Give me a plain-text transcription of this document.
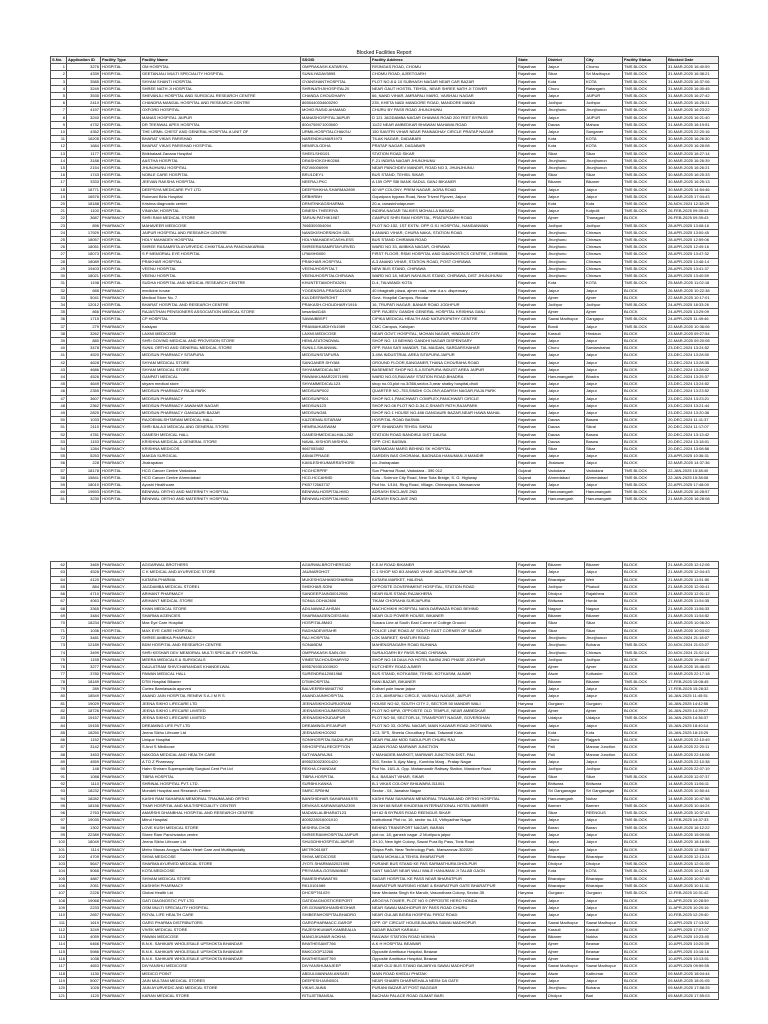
Blocked Facilities Report
S.No.	Application ID	Facility Type	Facility Name	SSOID	Facility Address	State	District	City	Facility Status	Blocked Date
1	3276	HOSPITAL	OM HOSPITAL	OMPRAKASH.KATARIYA	RISINGAS ROAD, CHOMU	Rajasthan	Jaipur	Chomu	TMS BLOCK	31-MAR-2025 16:40:59
2	4339	HOSPITAL	GEETANJALI MULTI SPECIALITY HOSPITAL	SUNILYADAV5895	CHOMU ROAD, AJEETGARH	Rajasthan	Sikar	Sri Madhopur	TMS BLOCK	31-MAR-2025 16:38:21
3	3585	HOSPITAL	SHYAM SHANTI HOSPITAL	GYANSHANTHOSPITAL	PLOT NO.8 & 10 SUBHASH NAGAR NEAR CAR BAZAR	Rajasthan	Kota	KOTA	TMS BLOCK	31-MAR-2025 16:37:06
4	3249	HOSPITAL	SHREE NATH JI HOSPITAL	SHRINATHJIHOSPITAL20	NEAR GAUT HOSTEL TEHSIL, NEAR SHREE NATH JI TOWER	Rajasthan	Churu	Ratangarh	TMS BLOCK	31-MAR-2025 16:30:45
5	3535	HOSPITAL	SHEVANJLI HOSPITAL AND SURGICAL RESEARCH CENTRE	CHANDA CHOUDHARY	66, NAND VIHAR, AMRAPALI MARG, VAISHALI NAGAR	Rajasthan	Jaipur	JAIPUR	TMS BLOCK	31-MAR-2025 16:27:42
6	2410	HOSPITAL	CHANDRA MANGAL HOSPITAL AND RESEARCH CENTRE	8655440034600290	235, KHETA NADI MANDORE ROAD, MANDORE MANDI	Rajasthan	Jodhpur	Jodhpur	TMS BLOCK	31-MAR-2025 16:25:21
7	4197	HOSPITAL	OXFORD HOSPITAL	MOHD.RASID.AHAMAD	CHURU BY PASS ROAD JHUNJHUNU	Rajasthan	Jhunjhunu	Jhunjhunun	TMS BLOCK	31-MAR-2025 16:23:22
8	3240	HOSPITAL	MANAS HOSPITAL JAIPUR	MANASHOSPITALJAIPUR	D 121 JAGDAMBA NAGAR DHAWAS ROAD 200 FEET BYPASS	Rajasthan	Jaipur	JAIPUR	TMS BLOCK	31-MAR-2025 16:21:40
9	4732	HOSPITAL	DR TEENWAL APEX HOSPITAL	8004755971003060	11/22 NEAR AMBEDKAR BHAWAN MAHAWA ROAD	Rajasthan	Dausa	Mahwa	TMS BLOCK	31-MAR-2025 16:19:51
10	4352	HOSPITAL	THE URMIL CHEST AND GENERAL HOSPITAL A UNIT OF	URMILHOSPITALCHAKSU	150 SAVITRI VIHAR NEAR PANNADHAY CIRCLE PRATAP NAGAR	Rajasthan	Jaipur	Sanganer	TMS BLOCK	30-MAR-2025 22:20:16
11	16205	HOSPITAL	BHARAT VIKAS PARISHAD	NARENDKUMAR1973	TILAK NAGAR, DADABARI	Rajasthan	Kota	KOTA	TMS BLOCK	30-MAR-2025 16:26:30
12	1684	HOSPITAL	BHARAT VIKAS PARISHAD HOSPITAL	NEMIRJLODHA	PRATAP NAGAR, DADABARI	Rajasthan	Kota	KOTA	TMS BLOCK	30-MAR-2025 16:28:08
13	1177	HOSPITAL	Bhikhalaali Zanana Hospital	SHEELSH0101	STATION ROAD SIKAR	Rajasthan	Sikar	Sikar	TMS BLOCK	30-MAR-2025 16:27:14
14	3188	HOSPITAL	AASTHA HOSPITAL	DRASHOKGHK0268	F-21 INDIRA NAGAR JHUNJHUNU	Rajasthan	Jhunjhunu	Jhunjhunun	TMS BLOCK	30-MAR-2025 16:26:39
15	2154	HOSPITAL	JHUNJHUNU HOSPITAL	RIZVI6006999	NEAR PANCHDEV MANDIR, ROAD NO 3, JHUNJHUNU	Rajasthan	Jhunjhunu	Jhunjhunun	TMS BLOCK	30-MAR-2025 16:26:21
16	1743	HOSPITAL	NOBLE CARE HOSPITAL	BRIJ1DEY1	BUS STAND, TEHSIL SIKAR	Rajasthan	Sikar	Sikar	TMS BLOCK	30-MAR-2025 16:25:33
17	3333	HOSPITAL	JEEVAN RAKSHA HOSPITAL	NEERAJ.PKC	A 159 OPP SBI BANK SADUL GANJ BIKANER	Rajasthan	Bikaner	Bikaner	TMS BLOCK	30-MAR-2025 16:25:13
18	18771	HOSPITAL	DEEPSIYA MEDICARE PVT LTD	DEEPSHIKHA.SHARMA2899	40 VIP COLONY, PREM NAGAR, AGRA ROAD	Rajasthan	Jaipur	Jaipur	TMS BLOCK	30-MAR-2025 14:54:46
19	16576	HOSPITAL	Rukmani Birla Hospital	DRBHRBH	Gopalpura bypass Road, Near Triveni Flyover, Jaipur	Rajasthan	Jaipur	Jaipur	TMS BLOCK	30-MAR-2025 17:04:43
20	18188	HOSPITAL	Krishna diagnostic center	DRNITINKAGSHARMA	20-a, ranasinhotapurom	Rajasthan	Kota	Kota	TMS BLOCK	26-NOV-2024 12:38:29
21	1100	HOSPITAL	VINAYAK HOSPITAL	DINESH.THEERIYA	INDIRA NAGAR TALKIES MOHALLA BASADI	Rajasthan	Jaipur	Kotputli	TMS BLOCK	26-FEB-2025 09:39:43
22	3687	PHARMACY	SHRI RAM MEDICAL STORE	TARUN.PATHIK1987	CAMPUS SHRI RAM HOSPITAL, PRATAPGARH ROAD	Rajasthan	Ajmer	Thanagazi	BLOCK	26-FEB-2025 09:39:43
23	896	PHARMACY	MAHAVEER MEDICOSE	7665309304094	PLOT NO.152, 1ST EXTN. OPP G.S.I HOSPITAL, NANDANWAN	Rajasthan	Jodhpur	Jodhpur	TMS BLOCK	28-APR-2025 13:08:16
24	17929	HOSPITAL	JAIPUR HOSPITAL AND RESEARCH CENTRE	NANDKISHORSINGH.GEL	6 ANAND VIHAR, CHURA NAKA, STATION ROAD	Rajasthan	Jhunjhunu	Chirawa	TMS BLOCK	28-APR-2025 13:00:45
25	18057	HOSPITAL	HOLY MAHADEV HOSPITAL	HOLYMAHADEVCASHLESS	BUS STAND CHIRAWA ROAD	Rajasthan	Jhunjhunu	Chirawa	TMS BLOCK	28-APR-2025 12:59:06
26	18051	HOSPITAL	SHREE RASAMRITA AYURVEDIC CHIKITSALAYA PANCHAKARMA	SHREERASAMRITAYURVED	WARD NO 33, AMBIKA NAGAR, CHIRAWA	Rajasthan	Jhunjhunu	Chirawa	TMS BLOCK	28-APR-2025 12:49:16
27	18073	HOSPITAL	S P MEMORIAL EYE HOSPITAL	LPAMIH0000	FIRST FLOOR, RSMI HOSPITAL AND DIAGNOSTICS CENTRE, CHIRAWA	Rajasthan	Jhunjhunu	Chirawa	TMS BLOCK	28-APR-2025 13:47:32
28	18089	HOSPITAL	PRAKHAR HOSPITAL	PRAKHAR.HOSPITAL	A-3 ANAND VIHAR, STATION ROAD, POST CHIRAWA	Rajasthan	Jhunjhunu	Chirawa	TMS BLOCK	28-APR-2025 13:46:14
29	19403	HOSPITAL	VEENU HOSPITAL	VEENUHOSPITAL7	NEW BUS STAND, CHIRAWA	Rajasthan	Jhunjhunu	Chirawa	TMS BLOCK	28-APR-2025 13:41:37
30	18021	HOSPITAL	VEENU HOSPITAL	VEENUHOSPITALCHIRAWA	WARD NO 18, NEAR NAYA BUS STAND, CHIRAWA, DIST JHUNJHUNU	Rajasthan	Jhunjhunu	Chirawa	TMS BLOCK	28-APR-2025 13:40:59
31	1198	HOSPITAL	SUDHA HOSPITAL AND MEDICAL RESEARCH CENTRE	KHUNTETAMOHTA3291	D-4, TALWANDI KOTA	Rajasthan	Kota	KOTA	TMS BLOCK	25-MAR-2025 11:02:18
32	685	PHARMACY	medicine house	YOGENDRA.PRASAD1978	40 bhagirath plaza, ajmer road, near d.a.v. dispensary	Rajasthan	Jaipur	Jaipur	BLOCK	26-MAR-2025 10:22:38
33	5041	PHARMACY	Medical Store No. 7	KULDEEPAVROHIT	Govt. Hospital Campus, Reodar	Rajasthan	Ajmer	Ajmer	BLOCK	22-MAR-2025 10:17:01
34	12012	HOSPITAL	BHARAT HOSPITAL AND RESEARCH CENTRE	PRAKASH.CHOUDHARY1916	16, TRUPATI NAGAR, BANAR ROAD JODHPUR	Rajasthan	Jodhpur	Jodhpur	TMS BLOCK	24-APR-2025 18:33:26
35	866	PHARMACY	RAJASTHAN PENSIONERS ASSOCIATION MEDICAL STORE	kesarilal4148	OPP. RAJEEV GANDHI GENERAL HOSPITAL KRISHNA GANJ	Rajasthan	Ajmer	Ajmer	BLOCK	24-APR-2025 13:29:09
36	1715	HOSPITAL	CP HOSPITAL	SAWAIBBSP7	CIPIKA MEDICAL HEALTH AND NATUROPATHY CENTRE	Rajasthan	Sawai Madhopur	Gangapur	TMS BLOCK	24-APR-2025 11:49:46
37	279	PHARMACY	Kalsiyan	PRAMIAHU8DHYA1989	CMC Campus, Kalsiyan	Rajasthan	Bundi	Jaipur	TMS BLOCK	22-MAR-2025 10:36:06
38	3262	PHARMACY	LAXMI MEDICOSE	LAXMI.MEDICOSE	NEAR GOVT. HOSPITAL, MOHAN NAGAR, HINDAUN CITY	Rajasthan	Karauli	Hindaun	BLOCK	23-MAR-2025 09:27:54
39	880	PHARMACY	SHRI GOVIND MEDICAL AND PROVISION STORE	HEMLATATONDWAL	SHOP NO. 10 BEHIND GANDHI NAGAR DISPENSARY	Rajasthan	Jaipur	Jaipur	BLOCK	22-MAR-2025 09:20:08
40	3478	PHARMACY	SUNIL ORTHO AND GENERAL MEDICAL STORE	SUNIL1.SIKANWAL	OPP. RANI SATI MANDIR, TAL MAIDAN, SARDARSHAHAR	Rajasthan	Churu	Sardarshahar	BLOCK	23-DEC-2024 13:24:52
41	4520	PHARMACY	MEDSUN PHARMACY SITAPURA	MEDSUNSITAPURA	3-49A INDUSTRIAL AREA SITAPURA JAIPUR	Rajasthan	Jaipur	Jaipur	BLOCK	23-DEC-2024 13:28:00
42	4628	PHARMACY	SHYAM MEDICAL STORE	SANGANER.SHYAM	GROUND FLOOR,SANGANER,THANA CHOURAHA ROAD	Rajasthan	Jaipur	Jaipur	BLOCK	23-DEC-2024 13:28:35
43	4686	PHARMACY	SHYAM MEDICAL STORE	SHYAMMEDICAL567	BASEMENT SHOP NO.S-4,SITAPURA INDUST AREA JAIPUR	Rajasthan	Jaipur	Jaipur	BLOCK	23-DEC-2024 13:28:02
44	4526	PHARMACY	GANPATI MEDICAL	PAWANKUMAR22071995	WARD NO.03,RAILWAY STATION ROAD,BHADRA	Rajasthan	Hanumangarh	Bhadra	BLOCK	23-DEC-2024 13:25:37
45	4649	PHARMACY	shyam medical store	SHYAMMEDICAL123	shop no.03,plot no.3/366,sector-3,near shatky hospital,dholi	Rajasthan	Jaipur	Jaipur	BLOCK	23-DEC-2024 13:24:52
46	2355	PHARMACY	MEDSUN PHARMACY RAJA PARK	MEDSUNP002	QUARTER NO.-753,SINDHI COLONY,ADARSH NAGAR,RAJA PARK	Rajasthan	Jaipur	Jaipur	BLOCK	23-DEC-2024 13:23:52
47	3607	PHARMACY	MEDSUN PHARMACY	MEDSUNP001	SHOP NO.1,PANCHWATI COMPLEX,PANCHWATI CIRCLE	Rajasthan	Jaipur	Jaipur	BLOCK	23-DEC-2024 13:23:21
48	2362	PHARMACY	MEDSUN PHARMACY JAWAHAR NAGAR	MEDSUN123	SHOP NO.06 PLOT NO.D-34-C,SHANTI PATH,RAJAPARK	Rajasthan	Jaipur	Jaipur	BLOCK	23-DEC-2024 13:21:44
49	2825	PHARMACY	MEDSUN PHARMACY GANGAURI BAZAR	MEDSUNG81	SHOP NO.1 HOUSE NO.488 GANGAURI BAZAR,NEAR HAWA MAHAL	Rajasthan	Jaipur	Jaipur	BLOCK	23-DEC-2024 13:20:36
50	1033	PHARMACY	RAJOEMALSHTARAM MEDICAL HALL	KAZOEMALSITARAM	HOSPITAL ROAD BASWA	Rajasthan	Dausa	Baswa	BLOCK	20-DEC-2024 11:11:37
51	2110	PHARMACY	SHRI BALAJI MEDICAL AND GENERAL STORE	HEMRAJKASWAM	OPP. BHANDARI TEHSIL SIKRAI	Rajasthan	Dausa	Sikrai	BLOCK	20-DEC-2024 11:17:07
52	4781	PHARMACY	GANESH MEDICAL HALL	GANESHMEDICALHALL282	STATION ROAD BANDIKUI DIST DAUSA	Rajasthan	Dausa	Baswa	BLOCK	20-DEC-2024 13:13:42
53	1153	PHARMACY	KRISHNA MEDICAL & GENERAL STORE	NAVAL.KISHOR.MISHRA	OPP. CHC BASWA	Rajasthan	Dausa	Baswa	BLOCK	20-DEC-2024 13:18:01
54	1284	PHARMACY	KRISHNA MEDICOS	9667053452	SARAMDAN MARG BEHIND SK HOSPITAL	Rajasthan	Sikar	Sikar	BLOCK	20-DEC-2024 13:08:56
55	5253	PHARMACY	MAKDA SURGICAL	ASMA7PRAGE	GARDEN BAS GHORANA, BAGNADA HANUMAN JI MANDIR	Rajasthan	Jaipur	Jaipur	BLOCK	23-APR-2025 10:36:31
56	228	PHARMACY	Jhalrapatan	KAMLESHKUMARRATHORE	c/o Jhalrapatan	Rajasthan	Jhalawar	Jaipur	BLOCK	22-MAR-2025 14:37:36
57	18178	HOSPITAL	HCG Cancer Centre Vadodara	HCGHCRPRF	Sun Pharma Road, Vadodara - 390 012	Gujarat	Vadodara	Vadodara	TMS BLOCK	22-JAN-2025 15:38:40
58	15841	HOSPITAL	HCG Cancer Centre Ahmedabad	HCG.HCCAHMD	Sola - Science City Road, Near Sola Bridge, S. G. Highway	Gujarat	Ahmedabad	Ahmedabad	TMS BLOCK	22-JAN-2025 15:38:08
59	18010	HOSPITAL	Ayushi Healthcare	PKB772563737	Plot No. 1/104, Ring Road, Village- Chimanpura, Mansarovar	Rajasthan	Jaipur	Jaipur	TMS BLOCK	22-APR-2025 17:48:00
60	19693	HOSPITAL	BENIWAL ORTHO AND MATERNITY HOSPITAL	BENIWALHOSPITALHMO	ADRASH ENCLAVE 2ND	Rajasthan	Hanumangarh	Hanumangarh	TMS BLOCK	21-MAR-2025 16:28:57
61	3230	HOSPITAL	BENIWAL ORTHO AND MATERNITY HOSPITAL	BENIWALHOSPITALHMO	ADRASH ENCLAVE 2ND	Rajasthan	Hanumangarh	Hanumangarh	TMS BLOCK	21-MAR-2025 16:28:08
62	3469	PHARMACY	AGGARWAL BROTHERS	AGARWALBROTHERS182	K.E.M ROAD BIKANER	Rajasthan	Bikaner	Bikaner	BLOCK	21-MAR-2025 12:12:06
63	4528	PHARMACY	C K MEDICAL AND AYURVEDIC STORE	JAUMARDHOT	C 1 SHOP NO 8/3 ANAND VIHAR JAGATPURA JAIPUR	Rajasthan	Jaipur	Jaipur	BLOCK	21-MAR-2025 12:04:43
64	4120	PHARMACY	KATARA PHARMA	MUKESHGAHANDSHARMA	KATARA MARKET, HALENA	Rajasthan	Bharatpur	Weir	BLOCK	21-MAR-2025 11:51:50
65	884	PHARMACY	JAGDAMBA MEDICAL STORE1	SHEKHAR.SONI	OPPOSITE GOVERNMENT HOSPITAL, STATION ROAD	Rajasthan	Jodhpur	Phalodi	BLOCK	21-MAR-2025 12:00:41
66	4710	PHARMACY	ARIHANT PHARMACY	SANDEEPJAIN30012906	NEAR BUS STAND RAJAKHERA	Rajasthan	Dholpur	Rajakhera	BLOCK	21-MAR-2025 12:01:12
67	4063	PHARMACY	ARIHANT MEDICAL STORE	SONULODHA2606	TIKAM CHORAHA SURJAPURA	Rajasthan	Bhilwara	Hurda	BLOCK	21-MAR-2025 11:54:35
68	3365	PHARMACY	KHAN MEDICAL STORE	ADILNAWAZ.AHSAN	MACHCHIKHI HOSPITAL NAYA DARWAZA ROAD BEHIND	Rajasthan	Nagaur	Nagaur	BLOCK	21-MAR-2025 11:56:33
69	3484	PHARMACY	SHARMA AGENCIES	SHARMAAGENCIES1984	NEAR OLD POWER HOUSE, BIKANER	Rajasthan	Bikaner	Bikaner	BLOCK	21-MAR-2025 11:54:52
70	18234	PHARMACY	Max Eye Care Hospital	HOSPITAL8M4G	Sunara Line at South East Corner of College Ground	Rajasthan	Sikar	Sikar	BLOCK	21-MAR-2025 10:06:20
71	1036	HOSPITAL	MAX EYE CARE HOSPITAL	RADHADEVIRAHR	POLICE LINE ROAD AT SOUTH EAST CORNER OF SADAR	Rajasthan	Sikar	Sikar	BLOCK	21-MAR-2025 10:03:02
72	3481	PHARMACY	SHREE AMBIKA PHARMACY	RAJ.HOSPITAL	LOK MARKET, KHATURI ROAD	Rajasthan	Jhunjhunu	Jhunjhunun	BLOCK	20-NOV-2024 21:18:07
73	12189	PHARMACY	BDM HOSPITAL AND RESEARCH CENTRE	SONABDM	MAHENDRAGARH ROAD BUHANA	Rajasthan	Jhunjhunu	Buhana	TMS BLOCK	20-NOV-2024 21:03:27
74	3499	PHARMACY	SHRI KESHAR DEV MEMORIAL MULTI SPECIALITY HOSPITAL	OMPRAKASH.SAIN.OM	SURAJGARH BY PASS ROAD CHIRAWA	Rajasthan	Jhunjhunu	Chirawa	TMS BLOCK	20-NOV-2024 21:02:14
75	1155	PHARMACY	MEERA MEDICALS & SURGICALS	VINEETACHOUDHARY52	SHOP NO.18 DAULIYA HOTEL BASNI 2ND PHASE JODHPUR	Rajasthan	Jodhpur	Jodhpur	BLOCK	20-MAR-2025 19:40:47
76	3277	PHARMACY	DAULATRAM SHIVCHARANDAS KHANDELWAL	6955769301003920	KUTCHERY ROAD AJMER	Rajasthan	Ajmer	Ajmer	BLOCK	19-MAR-2025 15:46:03
77	3780	PHARMACY	PAWAN MEDICAL HALL	SURENDRA12081968	BUS STAND, KOTKASIM, TEHSIL KOTKASIM, ALWAR	Rajasthan	Alwar	Kotkasim	BLOCK	19-MAR-2025 22:17:18
78	18189	PHARMACY	DTM Hospital Bikaner	DTMHOSPITAL	RANI BAZAR, BIKANER	Rajasthan	Bikaner	Bikaner	TMS BLOCK	17-FEB-2025 15:08:45
79	289	PHARMACY	Cortez Bamlawada ayurved	BALVEERBHAMAT792	Kothari pole bazar jaipur	Rajasthan	Jaipur	Jaipur	BLOCK	17-FEB-2025 15:28:32
80	18549	PHARMACY	ANAND JAIN HOSPITAL RENEW S A J M R S	ANANDJAINHOSPITAL	C 2/4, AMRAPALI CIRCLE, VAISHALI NAGAR, JAIPUR	Rajasthan	Jaipur	Jaipur	BLOCK	16-JAN-2025 11:45:51
81	19029	PHARMACY	JEENA SIKHO LIFECARE LTD	JEENASIKHOGURUGRAM	HOUSE NO 62, SOUTH CITY 2, SECTOR 50 MANDIR WALI	Haryana	Gurgaon	Gurgaon	BLOCK	16-JAN-2025 14:42:56
82	18726	PHARMACY	JEENA SIKHO LIFECARE LIMITED	JEENASIKHOAJMER2023	PLOT NO 6/FW, OPPOSITE OLD TEMPLE, NEAR AMBEDKAR	Rajasthan	Ajmer	Ajmer	BLOCK	16-JAN-2025 14:39:27
83	19157	PHARMACY	JEENA SIKHO LIFECARE LIMITED	JEENASIKHOUDAIPUR	PLOT NO 50, SECTOR-14, TRANSPORT NAGAR, GOVERDHAN	Rajasthan	Udaipur	Udaipur	TMS BLOCK	16-JAN-2025 14:36:37
84	19155	PHARMACY	DREAMING LIFE PVT LTD	DREAMINGLIFEJAIPUR	PLOT NO 33, GOPAL NAGAR, MAIN KALWAR ROAD JHOTWARA	Rajasthan	Jaipur	Jaipur	BLOCK	15-JAN-2025 18:40:14
85	18250	PHARMACY	Jeena Sikho Lifecare Ltd	JEENASIKHO0202	1C3, SFS, Sheela Choudhary Road, Talwandi Kota	Rajasthan	Kota	Kota	BLOCK	15-JAN-2025 18:15:25
86	1152	PHARMACY	Unique Hospital	SONIHOSPITALSADULPUR	NEAR PALAM MOD SADULPUR CHURU RAJ	Rajasthan	Churu	Rajgarh	BLOCK	14-MAR-2025 22:10:49
87	3142	PHARMACY	S And S Medicose	SSHOSPITALRECEPTION	JADAN ROAD MARWAR JUNCTION	Rajasthan	Pali	Marwar Junction	BLOCK	14-MAR-2025 22:20:11
88	3453	PHARMACY	NAKODA MEDICAL AND HEALTH CARE	SATYANARAJN1	V MAHADEB MARKET, MARWAR JUNCTION DIST- PALI	Rajasthan	Pali	Marwar Junction	BLOCK	14-MAR-2025 22:16:06
89	4559	PHARMACY	A TO Z Pharmacy	8955230023001420	303, Sector 5, Ajay Marg , Kumbha Marg , Pratap Nagar	Rajasthan	Jaipur	Jaipur	BLOCK	14-MAR-2025 22:10:38
90	148	PHARMACY	Hahn Shriram Superspecialty Surgical Cent Pvt Ltd	REKHA.CHANDAK	Plot No. 16/1-A, Opp. Mahamandir Railway Station, Mandore Road	Rajasthan	Jodhpur	Jodhpur	BLOCK	14-MAR-2025 22:07:19
91	1088	PHARMACY	TIBRA HOSPITAL	TIBRA.HOSPITAL	B-4, BASANT VIHAR, SIKAR	Rajasthan	Sikar	Sikar	TMS BLOCK	14-MAR-2025 12:07:37
92	1110	PHARMACY	SHRINAL HOSPITAL PVT. LTD.	SURBHI.KANKA	B-1 VIKAS COLONY BHILWARA 311001	Rajasthan	Bhilwara	Bhilwara	BLOCK	14-MAR-2025 11:56:11
93	18232	PHARMACY	Mondeli Hospital and Research Centre	SMRC.SPBHM	Sector - 04, Jawahar Nagar	Rajasthan	Sri Ganganagar	Sri Ganganagar	BLOCK	14-MAR-2025 10:50:44
94	18282	PHARMACY	KASHI RAM SAHARAN MEMORIAL TRAUMA AND ORTHO	BANSHIDHAR.SAHARAN1978	KASHI RAM SAHARAN MEMORIAL TRAUMA AND ORTHO HOSPITAL	Rajasthan	Hanumangarh	Nohar	BLOCK	14-MAR-2025 10:47:58
95	18156	PHARMACY	THAR HOSPITAL AND MULTISPECIALITY CENTER	DRVIKAS.KARWASARA2399	ON NH 68 NEAR KHUDENA INTERNATIONAL HOTEL BARMER	Rajasthan	Barmer	Barmer	TMS BLOCK	14-MAR-2025 10:44:24
96	2763	PHARMACY	AMARSHI DHANBHAL HOSPITAL AND RESEARCH CENTRE	MADANLALBHARAT123	NH 62 B BYPASS ROAD REENGUS SIKAR	Rajasthan	Sikar	REENGUS	TMS BLOCK	14-MAR-2025 10:37:43
97	19030	PHARMACY	Mitrul Hospital	8005228016001010	Institutional Plot no. 16, sector no-10, Vidhyadhar Nagar	Rajasthan	Jaipur	Jaipur	TMS BLOCK	14-FEB-2025 14:37:33
98	1302	PHARMACY	LOVE KUSH MEDICAL STORE	MISHRA.CHOB	BEHIND TRANSPORT NAGAR, BARAN	Rajasthan	Baran	Baran	TMS BLOCK	13-MAR-2025 16:12:22
99	22389	PHARMACY	Shree Ram Panchvastra centre	SHREERAMHOSPITALJAIPUR	plot no. 18, ganesh nagar -2 Murlipura jaipur	Rajasthan	Jaipur	Jaipur	BLOCK	13-MAR-2025 15:09:08
100	18049	PHARMACY	Jeena Sikho Lifecare Ltd	SHUDDHIHOSPITALJAIPUR	JH-10, New light Colony, Sawai Pura By Pass, Tonk Road	Rajasthan	Jaipur	Jaipur	BLOCK	13-MAR-2025 18:16:56
101	1114	PHARMACY	Metro Manas Arogya Sadan Heart Care and Multispecialty	METRO6108T	Shipra Path, Near Technology Park, Mansarovar-302020	Rajasthan	Jaipur	Jaipur	BLOCK	12-MAR-2025 12:58:57
102	4709	PHARMACY	SHIVA MEDICOSE	SHIVA.MEDICOSE	SARAI MOHALLA TEHSIL BHARATPUR	Rajasthan	Bharatpur	Bharatpur	BLOCK	12-MAR-2025 12:12:24
103	5647	PHARMACY	SHARMA AYURVED MEDICAL STORE	JYOTI.SHARMA52021995	PURANE BUS STAND KE PAS SARMATHURA DHOLPUR	Rajasthan	Dholpur	Dholpur	TMS BLOCK	12-MAR-2025 12:01:05
104	5066	PHARMACY	KOTA MEDICOSE	PRIYANKA.GOSWAM687	SANT NAGAR NEAR WALI WALE HANUMAN JI TALAB GAON	Rajasthan	Kota	KOTA	TMS BLOCK	12-MAR-2025 10:11:28
105	4887	PHARMACY	SHIVAM MEDICAL STORE	RAMESHRAWAT95	SADAR HOSPITAL KE PASS NEAR BHARATPUR	Rajasthan	Bharatpur	Bharatpur	TMS BLOCK	12-MAR-2025 10:07:45
106	2051	PHARMACY	KASHISH PHARMACY	RK10101989	BHARATPUR NURSING HOME & BHARATPUR GATE BHARATPUR	Rajasthan	Bharatpur	Bharatpur	TMS BLOCK	12-MAR-2025 10:11:11
107	2226	PHARMACY	Global Health Ltd	DHCSPT61029	Near Medanta Singh Ke Mandir, Vasundhara Colony, Sector-35	Haryana	Gurgaon	Gurgaon	TMS BLOCK	12-FEB-2025 10:31:42
108	19068	PHARMACY	GATI DIAGNOSTIC PVT LTD	GATIDIAGNOSTICREPORT	AROGYA TOWER, PLOT NO 9 OPPOSITE HERO HONDA	Rajasthan	Jaipur	Jaipur	BLOCK	11-APR-2025 10:28:59
109	2233	PHARMACY	OSM MULTI SPECIALITY HOSPITAL	DR.GOWARDHANSHEOHAR	NEAR SAWAI MADHOPUR BY PASS ROAD CHURU	Rajasthan	Jaipur	Jaipur	BLOCK	11-APR-2025 10:20:16
110	2657	PHARMACY	ROYAL LIFE HEALTH CARE	SHIBEENHOSPITALBHADRO	NEAR GULAB BIGRA HOSPITAL FIROZ ROAD	Rajasthan	Jaipur	Jaipur	BLOCK	10-FEB-2025 12:29:40
111	1619	PHARMACY	GARG PHARMA DISTRIBUTORS	GARGPHARMACC.GARGP	OPP. OF CIRCUIT HOUSE,BAJARIA SAWAI MADHOPUR	Rajasthan	Sawai Madhopur	Sawai Madhopur	BLOCK	10-APR-2025 17:13:52
112	3249	PHARMACY	VIVEK MEDICAL STORE	RAJESHKUMAR.KAMBEALIA	SADAR BAZAR KARAULI	Rajasthan	Karauli	Karauli	BLOCK	10-APR-2025 17:07:07
113	4059	PHARMACY	PAWAN MEDICOSE	MANOJKUMAR.NOKHA	RAILWAY STATION ROAD NOKHA	Rajasthan	Bikaner	Nokha	BLOCK	10-APR-2025 10:23:40
114	6466	PHARMACY	B.N.K. SAHIKARI WHOLESALE UPSHOKTA BHANDAR	BHATHESAMT766	A.K H HOSPITAL BEAWAR	Rajasthan	Ajmer	Beawar	BLOCK	10-APR-2025 10:20:39
115	5986	PHARMACY	B.N.K. SAHIKARI WHOLESALE UPSHOKTA BHANDAR	BNKCOOP12266	Opposite Amritkaur Hospital, Beawar	Rajasthan	Ajmer	Beawar	BLOCK	10-APR-2025 10:16:16
116	1038	PHARMACY	B.N.K. SAHIKARI WHOLESALE UPSHOKTA BHANDAR	BHATHESAMT769	Opposite Amritkaur Hospital, Beawar	Rajasthan	Ajmer	Beawar	BLOCK	10-APR-2025 10:13:51
117	4653	PHARMACY	DIVYANSHU MEDICOSE	DIVYANSHUMAJEEP	NEAR OLD BUS STAND BAJARIYA SAWAI MADHOPUR	Rajasthan	Sawai Madhopur	Sawai Madhopur	BLOCK	10-APR-2025 09:59:55
118	1130	PHARMACY	MEDICO POINT	ABDULMANNAN.ANSARI	MAIN ROAD KHEDLI PHATAK	Rajasthan	Alwar	Kathumar	BLOCK	09-MAR-2025 18:04:44
119	5007	PHARMACY	JAIN MULTANI MEDICAL STORES	DEEPESHJAIN0001	NEAR SHABRI DHARMSHALA NEEM DA GATE	Rajasthan	Jaipur	Jaipur	BLOCK	09-MAR-2025 18:01:05
120	1028	PHARMACY	JAIN AYURVEDIC AND MEDICAL STORE	VIKAS.JAIN8	PURANI BAZAR AT POST BAGGAR	Rajasthan	Jhunjhunu	Buhana	BLOCK	09-MAR-2025 17:58:25
121	1120	PHARMACY	KARAN MEDICAL STORE	RITUJETBANSAL	BACHAN PALACE ROAD GUMAT BARI	Rajasthan	Dholpur	Bari	BLOCK	09-MAR-2025 17:55:03
